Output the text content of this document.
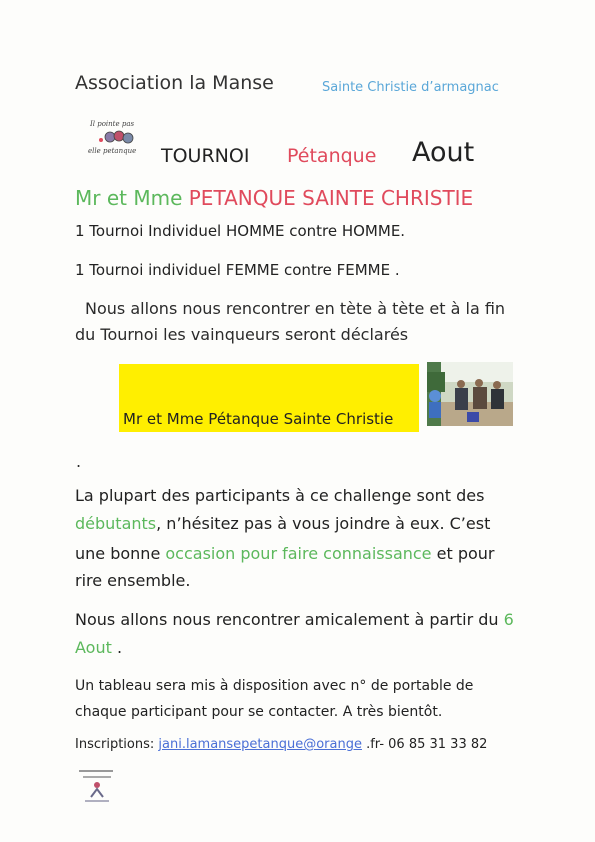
Association la Manse	Sainte Christie d’armagnac
Il pointe pas
elle petanque TOURNOI Pétanque Aout
Mr et Mme PETANQUE SAINTE CHRISTIE
1 Tournoi Individuel HOMME contre HOMME.
1 Tournoi individuel FEMME contre FEMME .
Nous allons nous rencontrer en tète à tète et à la fin
du Tournoi les vainqueurs seront déclarés
Mr et Mme Pétanque Sainte Christie
.
La plupart des participants à ce challenge sont des
débutants, n’hésitez pas à vous joindre à eux. C’est
une bonne occasion pour faire connaissance et pour
rire ensemble.
Nous allons nous rencontrer amicalement à partir du 6
Aout .
Un tableau sera mis à disposition avec n° de portable de
chaque participant pour se contacter. A très bientôt.
Inscriptions: jani.lamansepetanque@orange .fr- 06 85 31 33 82
